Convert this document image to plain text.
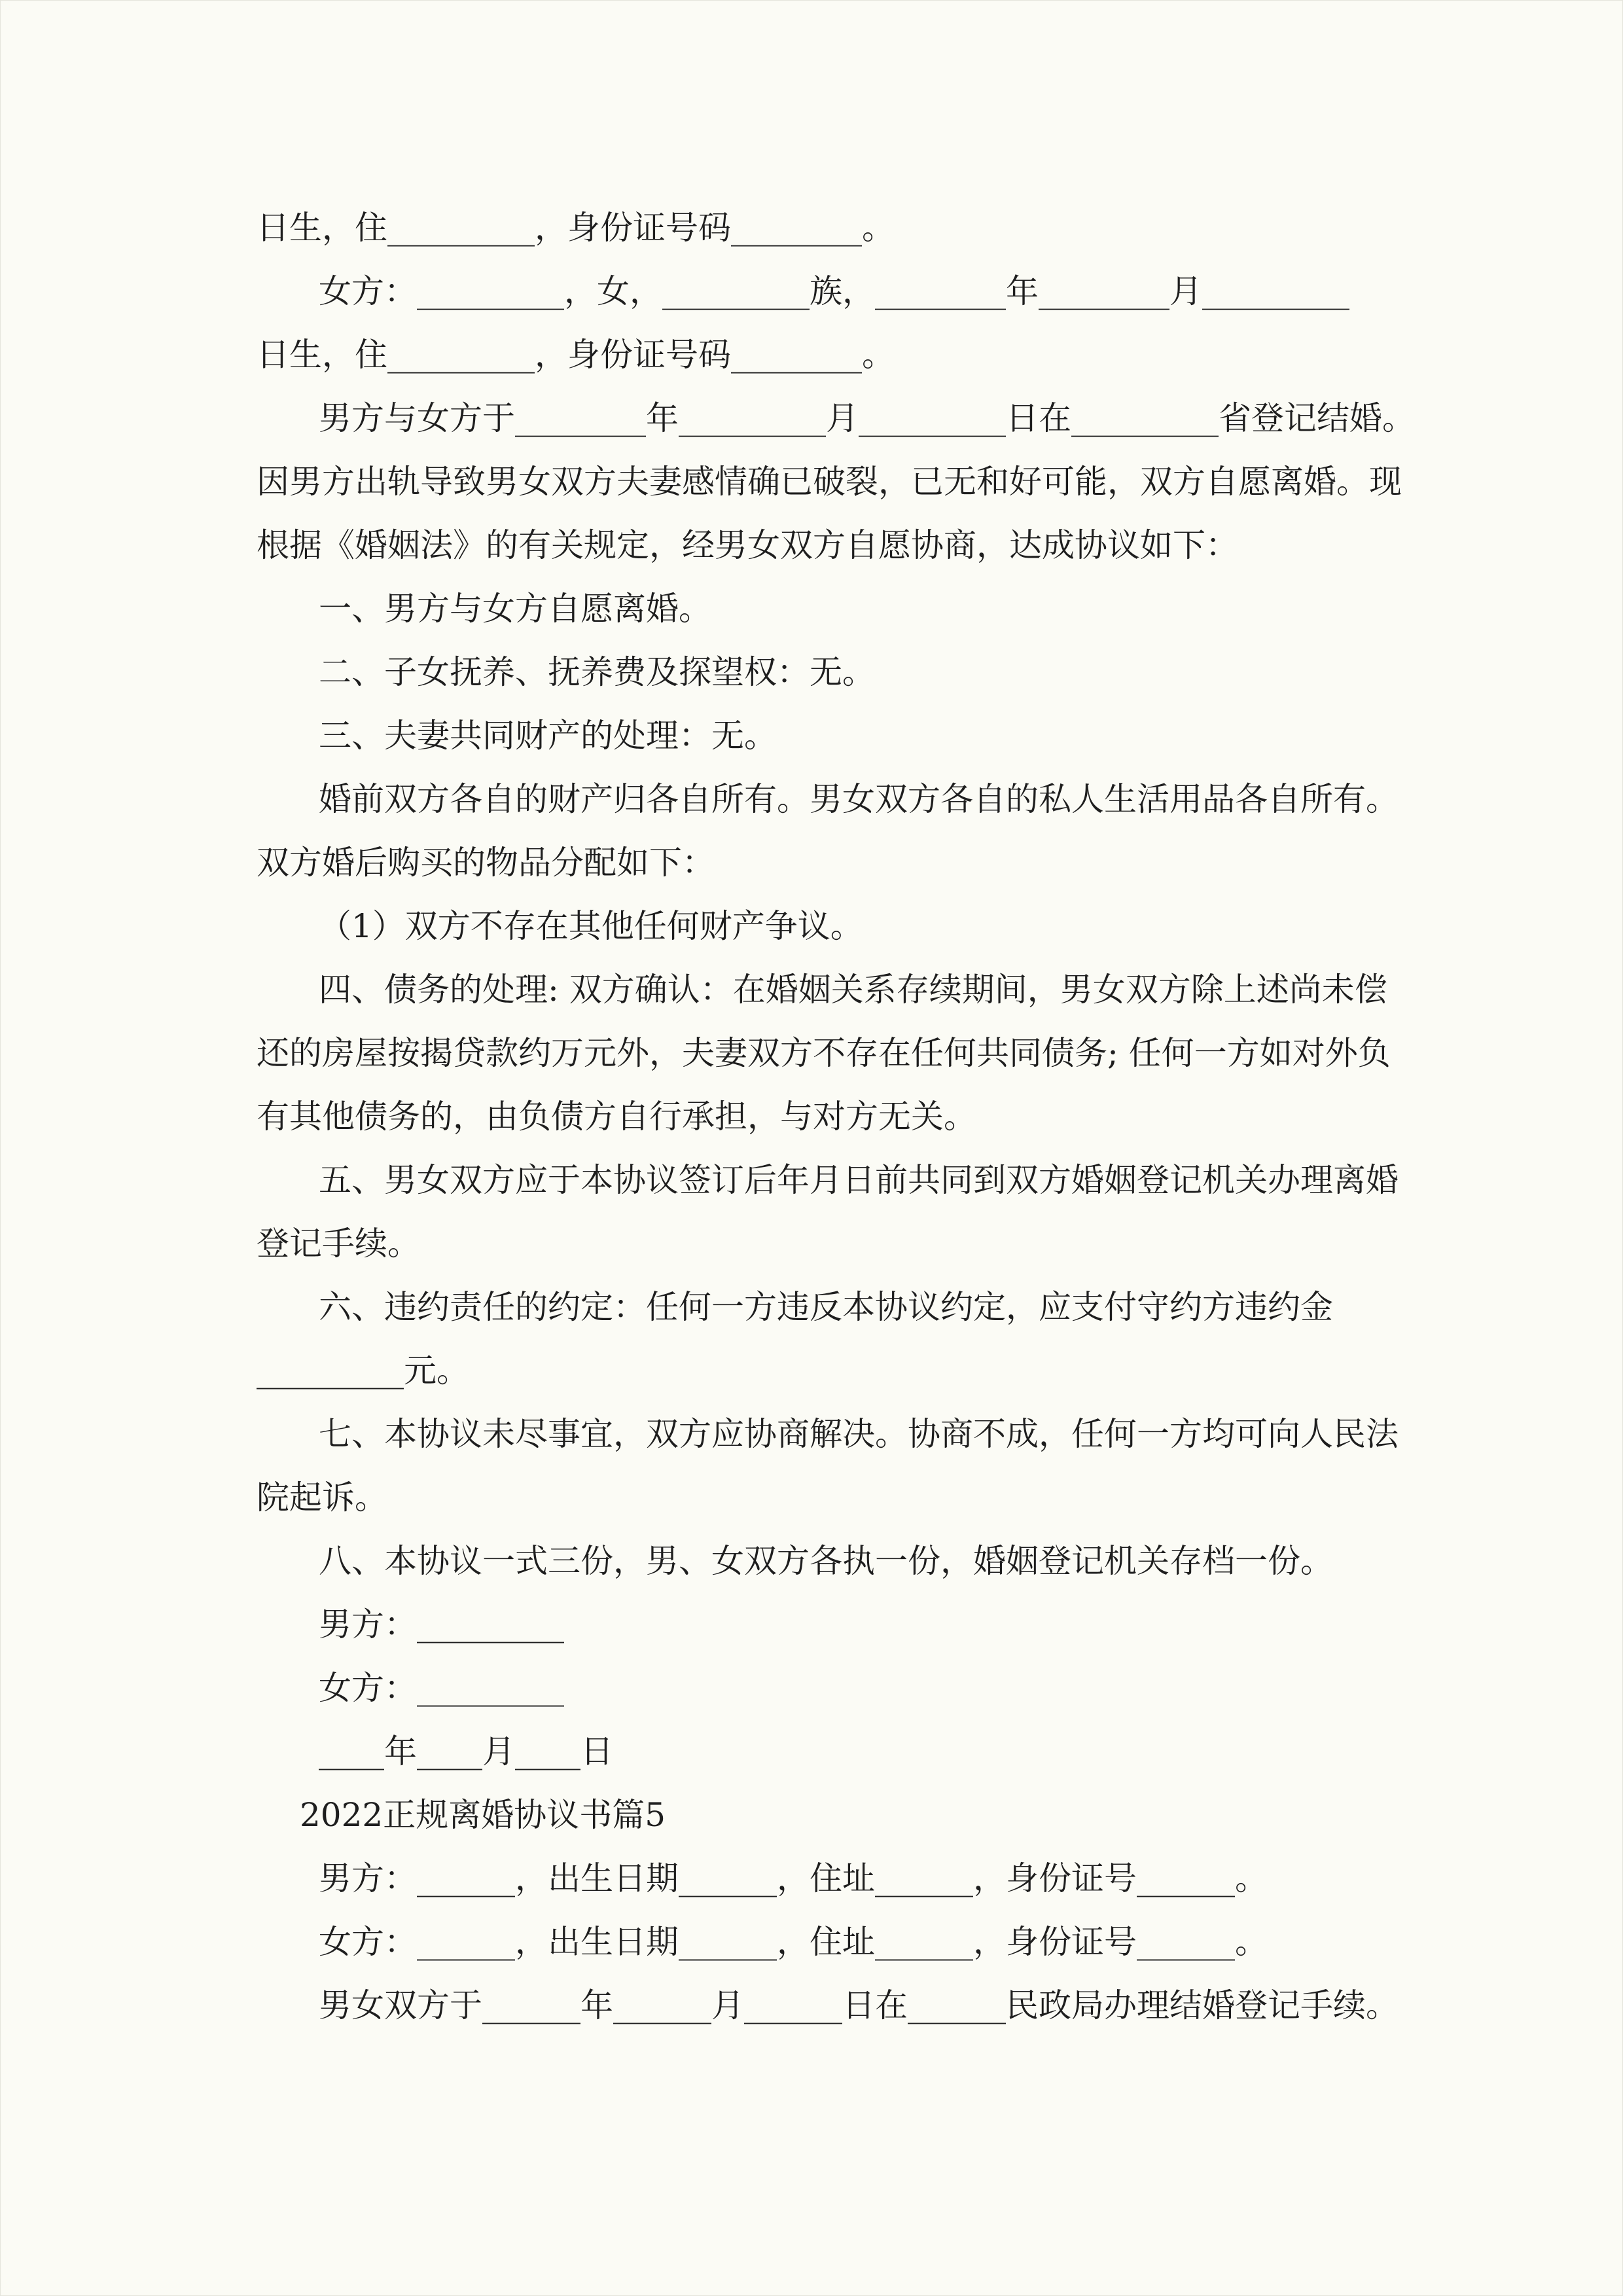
日生，住_________，身份证号码________。
女方：_________，女，_________族，________年________月_________
日生，住_________，身份证号码________。
男方与女方于________年_________月_________日在_________省登记结婚。
因男方出轨导致男女双方夫妻感情确已破裂，已无和好可能，双方自愿离婚。现
根据《婚姻法》的有关规定，经男女双方自愿协商，达成协议如下：
一、男方与女方自愿离婚。
二、子女抚养、抚养费及探望权：无。
三、夫妻共同财产的处理：无。
婚前双方各自的财产归各自所有。男女双方各自的私人生活用品各自所有。
双方婚后购买的物品分配如下：
（1）双方不存在其他任何财产争议。
四、债务的处理: 双方确认：在婚姻关系存续期间，男女双方除上述尚未偿
还的房屋按揭贷款约万元外，夫妻双方不存在任何共同债务; 任何一方如对外负
有其他债务的，由负债方自行承担，与对方无关。
五、男女双方应于本协议签订后年月日前共同到双方婚姻登记机关办理离婚
登记手续。
六、违约责任的约定：任何一方违反本协议约定，应支付守约方违约金
_________元。
七、本协议未尽事宜，双方应协商解决。协商不成，任何一方均可向人民法
院起诉。
八、本协议一式三份，男、女双方各执一份，婚姻登记机关存档一份。
男方：_________
女方：_________
____年____月____日
2022正规离婚协议书篇5
男方：______，出生日期______，住址______，身份证号______。
女方：______，出生日期______，住址______，身份证号______。
男女双方于______年______月______日在______民政局办理结婚登记手续。
